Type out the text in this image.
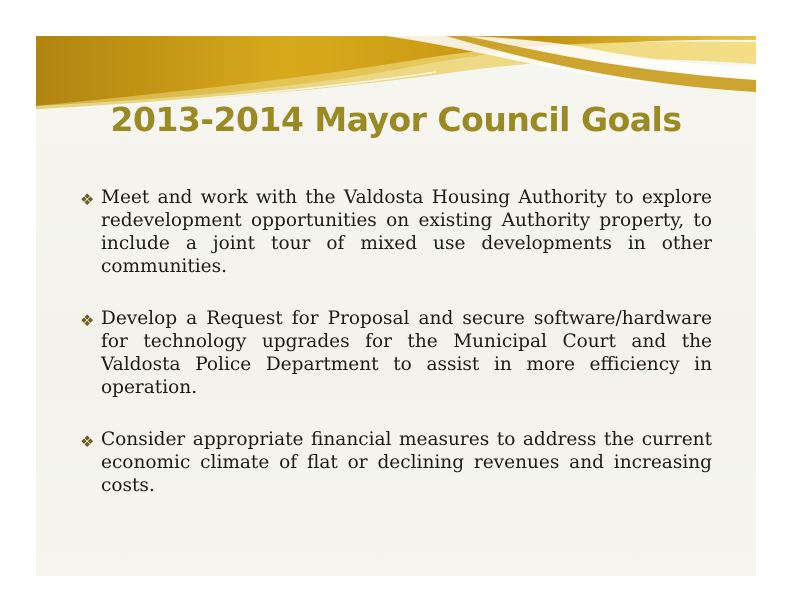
2013-2014 Mayor Council Goals
❖ Meet and work with the Valdosta Housing Authority to explore redevelopment opportunities on existing Authority property, to include a joint tour of mixed use developments in other communities.
❖ Develop a Request for Proposal and secure software/hardware for technology upgrades for the Municipal Court and the Valdosta Police Department to assist in more efficiency in operation.
❖ Consider appropriate financial measures to address the current economic climate of flat or declining revenues and increasing costs.
